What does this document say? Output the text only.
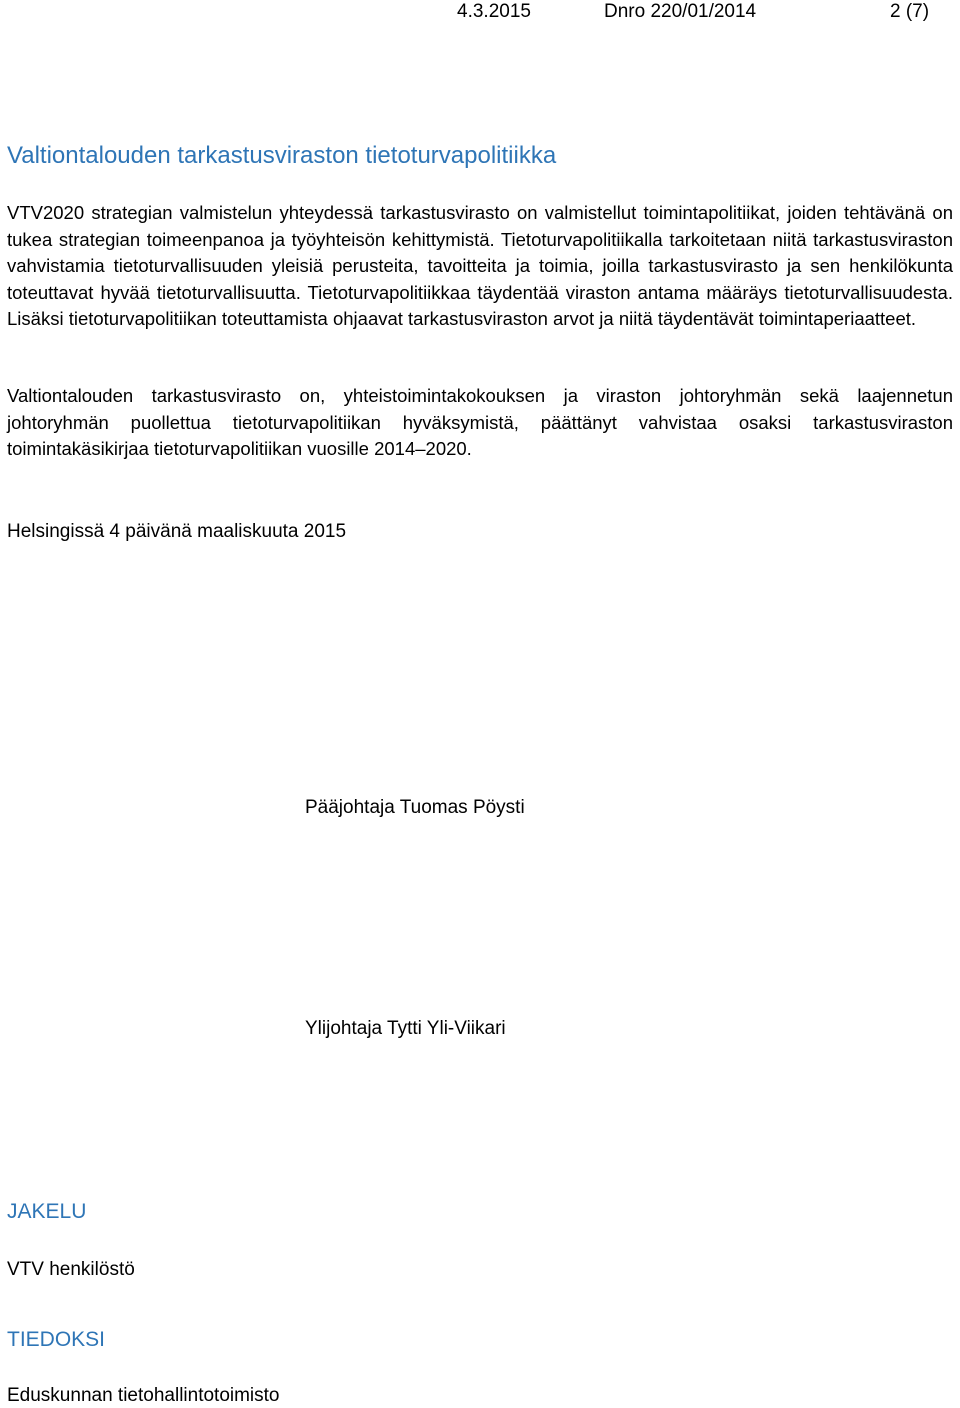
4.3.2015	Dnro 220/01/2014	2 (7)
Valtiontalouden tarkastusviraston tietoturvapolitiikka

VTV2020 strategian valmistelun yhteydessä tarkastusvirasto on valmistellut toimintapolitiikat, joiden tehtävänä on tukea strategian toimeenpanoa ja työyhteisön kehittymistä. Tietoturvapolitiikalla tarkoitetaan niitä tarkastusviraston vahvistamia tietoturvallisuuden yleisiä perusteita, tavoitteita ja toimia, joilla tarkastusvirasto ja sen henkilökunta toteuttavat hyvää tietoturvallisuutta. Tietoturvapolitiikkaa täydentää viraston antama määräys tietoturvallisuudesta. Lisäksi tietoturvapolitiikan toteuttamista ohjaavat tarkastusviraston arvot ja niitä täydentävät toimintaperiaatteet.

Valtiontalouden tarkastusvirasto on, yhteistoimintakokouksen ja viraston johtoryhmän sekä laajennetun johtoryhmän puollettua tietoturvapolitiikan hyväksymistä, päättänyt vahvistaa osaksi tarkastusviraston toimintakäsikirjaa tietoturvapolitiikan vuosille 2014–2020.

Helsingissä 4 päivänä maaliskuuta 2015

Pääjohtaja Tuomas Pöysti

Ylijohtaja Tytti Yli-Viikari

JAKELU

VTV henkilöstö

TIEDOKSI

Eduskunnan tietohallintotoimisto
